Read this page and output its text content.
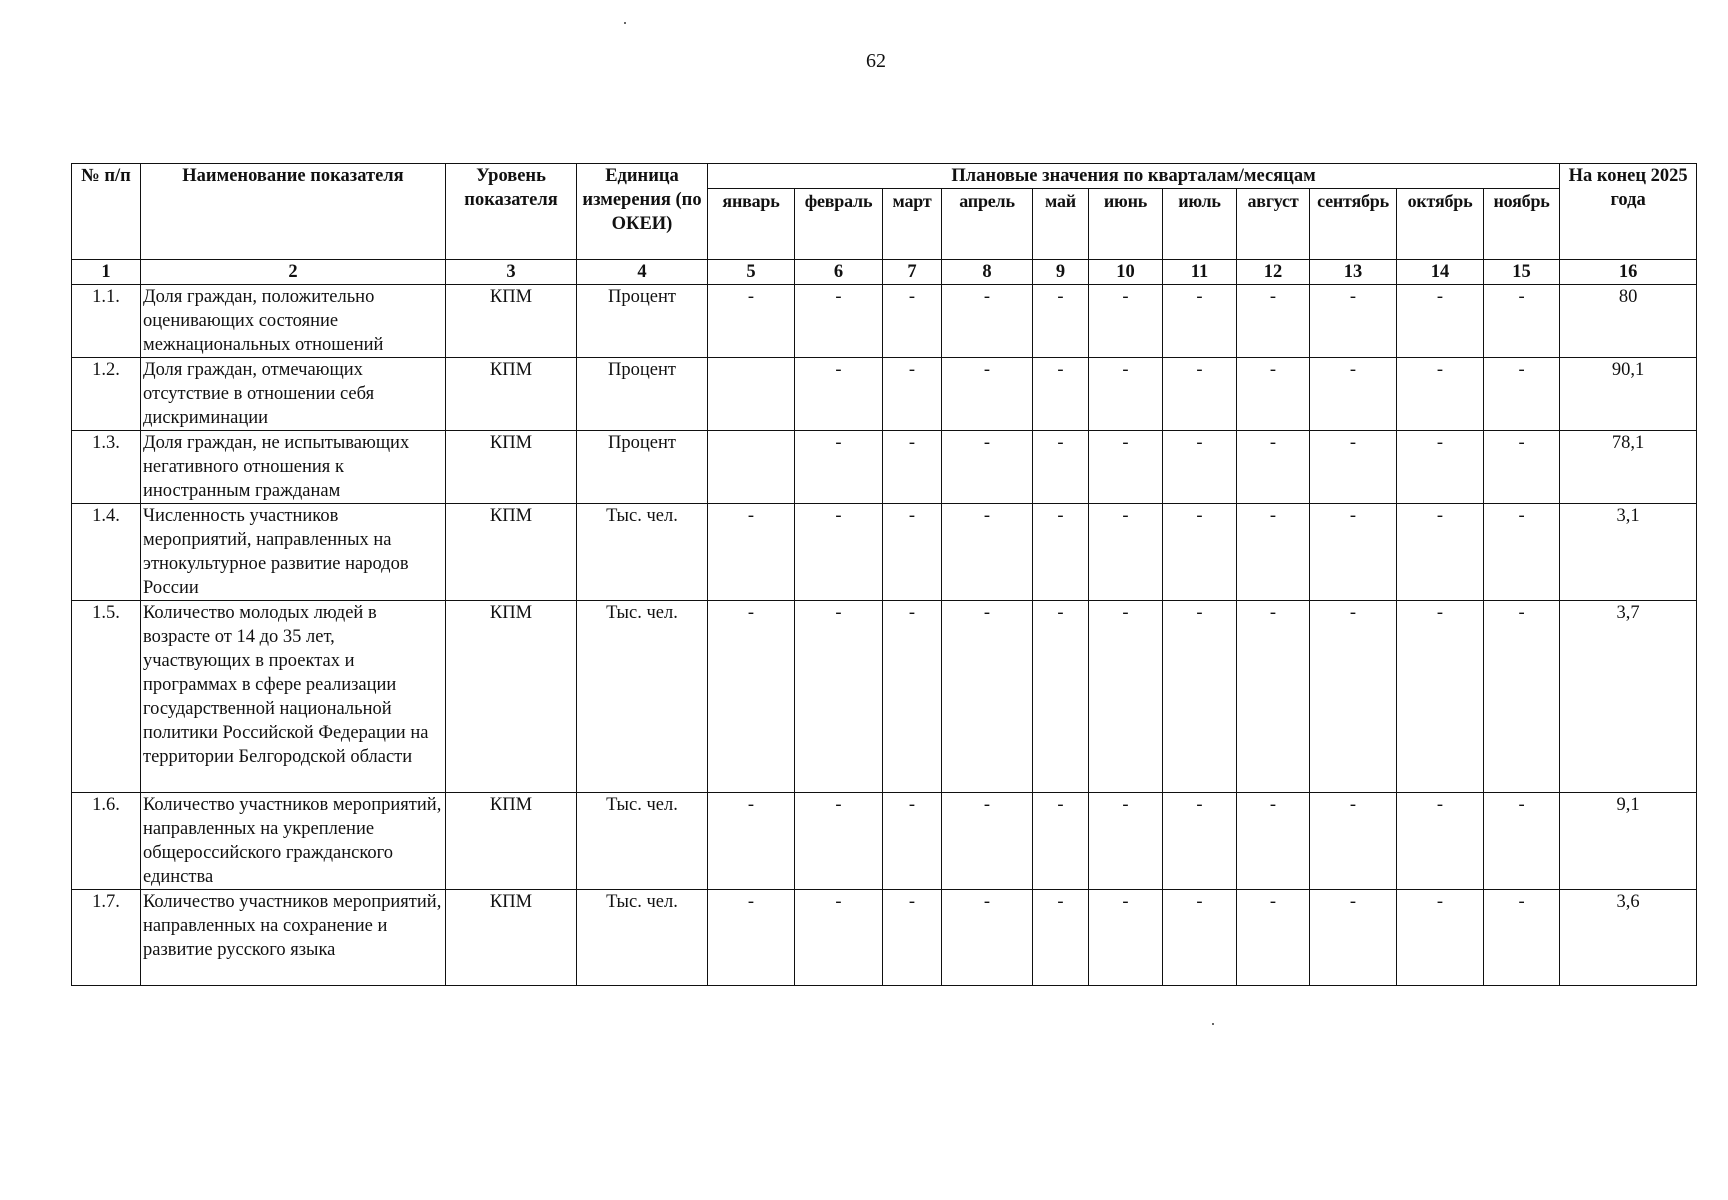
62
№ п/п	Наименование показателя	Уровень показателя	Единица измерения (по ОКЕИ)	Плановые значения по кварталам/месяцам											На конец 2025 года
				январь	февраль	март	апрель	май	июнь	июль	август	сентябрь	октябрь	ноябрь	
1	2	3	4	5	6	7	8	9	10	11	12	13	14	15	16
1.1.	Доля граждан, положительно оценивающих состояние межнациональных отношений	КПМ	Процент	-	-	-	-	-	-	-	-	-	-	-	80
1.2.	Доля граждан, отмечающих отсутствие в отношении себя дискриминации	КПМ	Процент		-	-	-	-	-	-	-	-	-	-	90,1
1.3.	Доля граждан, не испытывающих негативного отношения к иностранным гражданам	КПМ	Процент		-	-	-	-	-	-	-	-	-	-	78,1
1.4.	Численность участников мероприятий, направленных на этнокультурное развитие народов России	КПМ	Тыс. чел.	-	-	-	-	-	-	-	-	-	-	-	3,1
1.5.	Количество молодых людей в возрасте от 14 до 35 лет, участвующих в проектах и программах в сфере реализации государственной национальной политики Российской Федерации на территории Белгородской области	КПМ	Тыс. чел.	-	-	-	-	-	-	-	-	-	-	-	3,7
1.6.	Количество участников мероприятий, направленных на укрепление общероссийского гражданского единства	КПМ	Тыс. чел.	-	-	-	-	-	-	-	-	-	-	-	9,1
1.7.	Количество участников мероприятий, направленных на сохранение и развитие русского языка	КПМ	Тыс. чел.	-	-	-	-	-	-	-	-	-	-	-	3,6
